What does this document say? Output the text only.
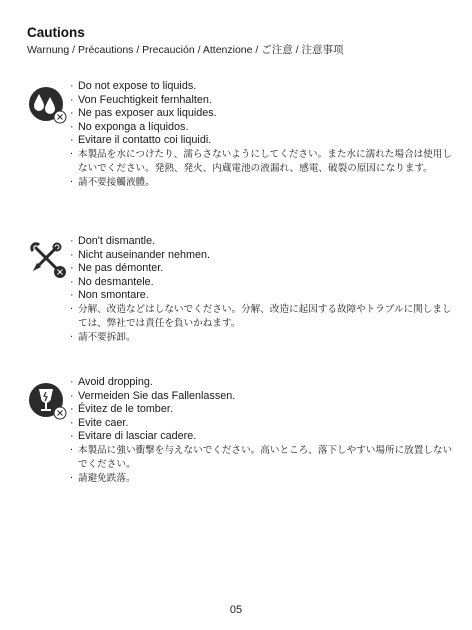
Cautions
Warnung / Précautions / Precaución / Attenzione / ご注意 / 注意事项
· Do not expose to liquids.
· Von Feuchtigkeit fernhalten.
· Ne pas exposer aux liquides.
· No exponga a líquidos.
· Evitare il contatto coi liquidi.
· 本製品を水につけたり、濡らさないようにしてください。また水に濡れた場合は使用しないでください。発熱、発火、内蔵電池の液漏れ、感電、破裂の原因になります。
· 請不要接觸液體。
· Don't dismantle.
· Nicht auseinander nehmen.
· Ne pas démonter.
· No desmantele.
· Non smontare.
· 分解、改造などはしないでください。分解、改造に起因する故障やトラブルに関しましては、弊社では責任を負いかねます。
· 請不要拆卸。
· Avoid dropping.
· Vermeiden Sie das Fallenlassen.
· Évitez de le tomber.
· Evite caer.
· Evitare di lasciar cadere.
· 本製品に強い衝撃を与えないでください。高いところ、落下しやすい場所に放置しないでください。
· 請避免跌落。
05
